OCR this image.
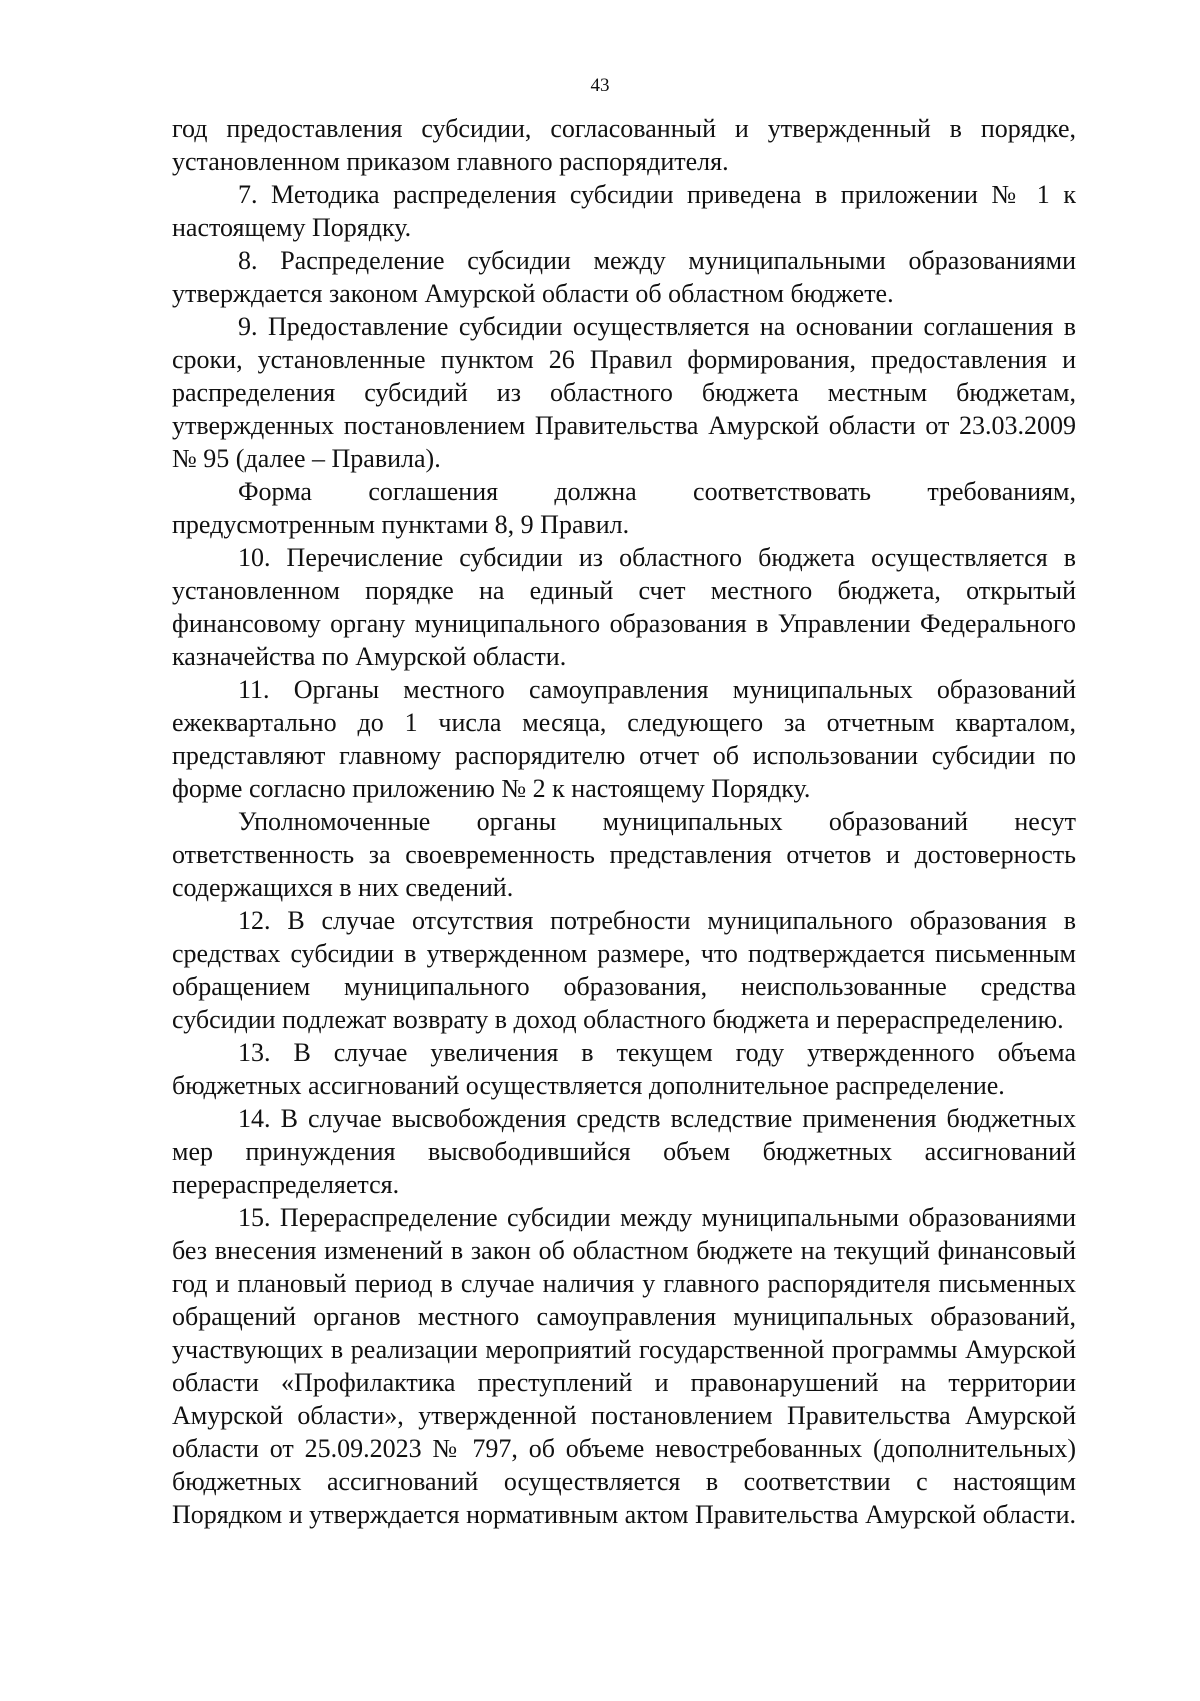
43

год предоставления субсидии, согласованный и утвержденный в порядке, установленном приказом главного распорядителя.

7. Методика распределения субсидии приведена в приложении № 1 к настоящему Порядку.

8. Распределение субсидии между муниципальными образованиями утверждается законом Амурской области об областном бюджете.

9. Предоставление субсидии осуществляется на основании соглашения в сроки, установленные пунктом 26 Правил формирования, предоставления и распределения субсидий из областного бюджета местным бюджетам, утвержденных постановлением Правительства Амурской области от 23.03.2009 № 95 (далее – Правила).

Форма соглашения должна соответствовать требованиям, предусмотренным пунктами 8, 9 Правил.

10. Перечисление субсидии из областного бюджета осуществляется в установленном порядке на единый счет местного бюджета, открытый финансовому органу муниципального образования в Управлении Федерального казначейства по Амурской области.

11. Органы местного самоуправления муниципальных образований ежеквартально до 1 числа месяца, следующего за отчетным кварталом, представляют главному распорядителю отчет об использовании субсидии по форме согласно приложению № 2 к настоящему Порядку.

Уполномоченные органы муниципальных образований несут ответственность за своевременность представления отчетов и достоверность содержащихся в них сведений.

12. В случае отсутствия потребности муниципального образования в средствах субсидии в утвержденном размере, что подтверждается письменным обращением муниципального образования, неиспользованные средства субсидии подлежат возврату в доход областного бюджета и перераспределению.

13. В случае увеличения в текущем году утвержденного объема бюджетных ассигнований осуществляется дополнительное распределение.

14. В случае высвобождения средств вследствие применения бюджетных мер принуждения высвободившийся объем бюджетных ассигнований перераспределяется.

15. Перераспределение субсидии между муниципальными образованиями без внесения изменений в закон об областном бюджете на текущий финансовый год и плановый период в случае наличия у главного распорядителя письменных обращений органов местного самоуправления муниципальных образований, участвующих в реализации мероприятий государственной программы Амурской области «Профилактика преступлений и правонарушений на территории Амурской области», утвержденной постановлением Правительства Амурской области от 25.09.2023 № 797, об объеме невостребованных (дополнительных) бюджетных ассигнований осуществляется в соответствии с настоящим Порядком и утверждается нормативным актом Правительства Амурской области.
